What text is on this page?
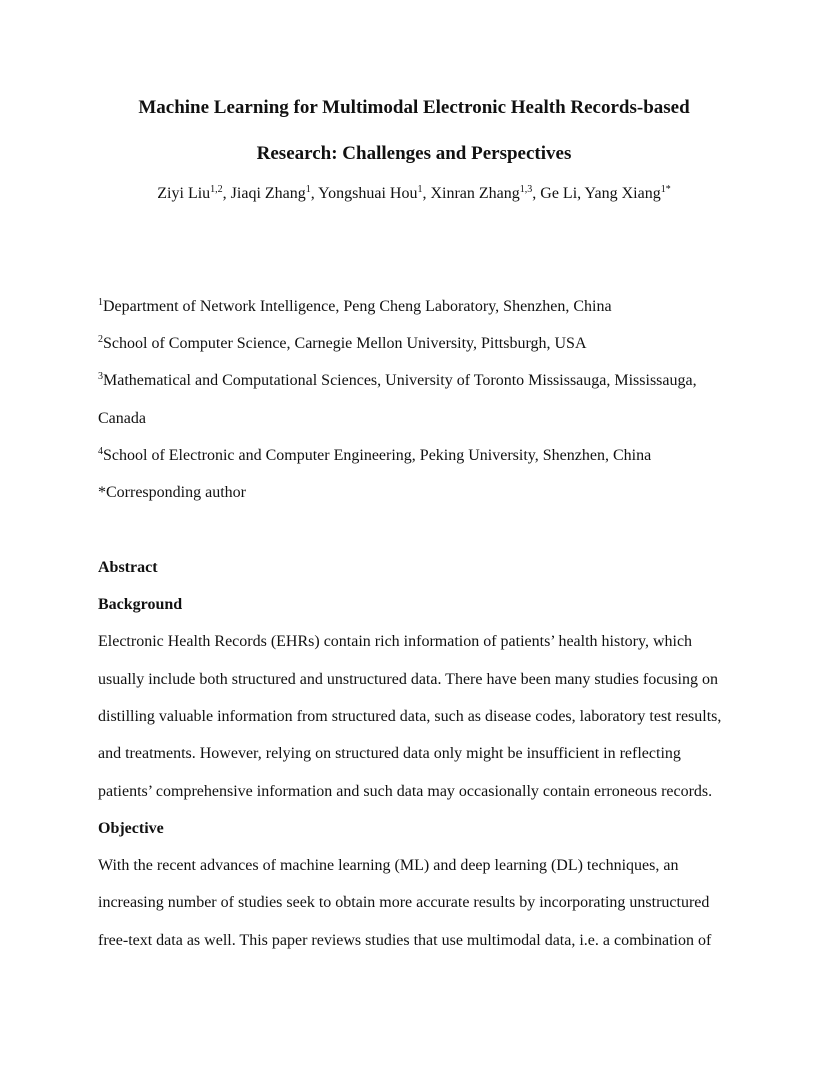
Machine Learning for Multimodal Electronic Health Records-based
Research: Challenges and Perspectives
Ziyi Liu$^{1,2}$, Jiaqi Zhang$^1$, Yongshuai Hou$^1$, Xinran Zhang$^{1,3}$, Ge Li, Yang Xiang$^{1*}$
$^1$Department of Network Intelligence, Peng Cheng Laboratory, Shenzhen, China
$^2$School of Computer Science, Carnegie Mellon University, Pittsburgh, USA
$^3$Mathematical and Computational Sciences, University of Toronto Mississauga, Mississauga,
Canada
$^4$School of Electronic and Computer Engineering, Peking University, Shenzhen, China
*Corresponding author
Abstract
Background
Electronic Health Records (EHRs) contain rich information of patients’ health history, which
usually include both structured and unstructured data. There have been many studies focusing on
distilling valuable information from structured data, such as disease codes, laboratory test results,
and treatments. However, relying on structured data only might be insufficient in reflecting
patients’ comprehensive information and such data may occasionally contain erroneous records.
Objective
With the recent advances of machine learning (ML) and deep learning (DL) techniques, an
increasing number of studies seek to obtain more accurate results by incorporating unstructured
free-text data as well. This paper reviews studies that use multimodal data, i.e. a combination of
